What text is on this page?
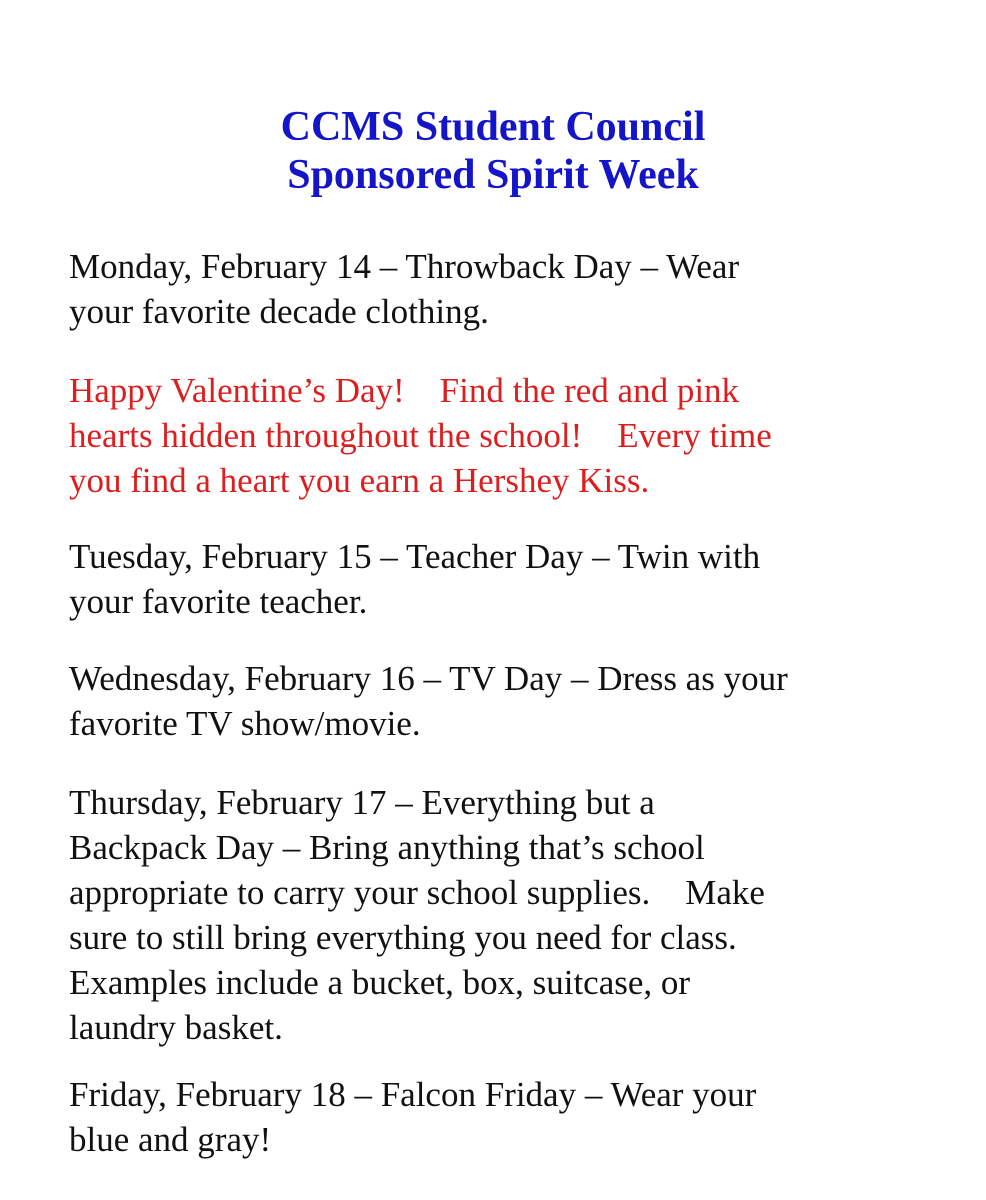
CCMS Student Council
Sponsored Spirit Week
Monday, February 14 – Throwback Day – Wear
your favorite decade clothing.
Happy Valentine’s Day!    Find the red and pink
hearts hidden throughout the school!    Every time
you find a heart you earn a Hershey Kiss.
Tuesday, February 15 – Teacher Day – Twin with
your favorite teacher.
Wednesday, February 16 – TV Day – Dress as your
favorite TV show/movie.
Thursday, February 17 – Everything but a
Backpack Day – Bring anything that’s school
appropriate to carry your school supplies.    Make
sure to still bring everything you need for class.
Examples include a bucket, box, suitcase, or
laundry basket.
Friday, February 18 – Falcon Friday – Wear your
blue and gray!
